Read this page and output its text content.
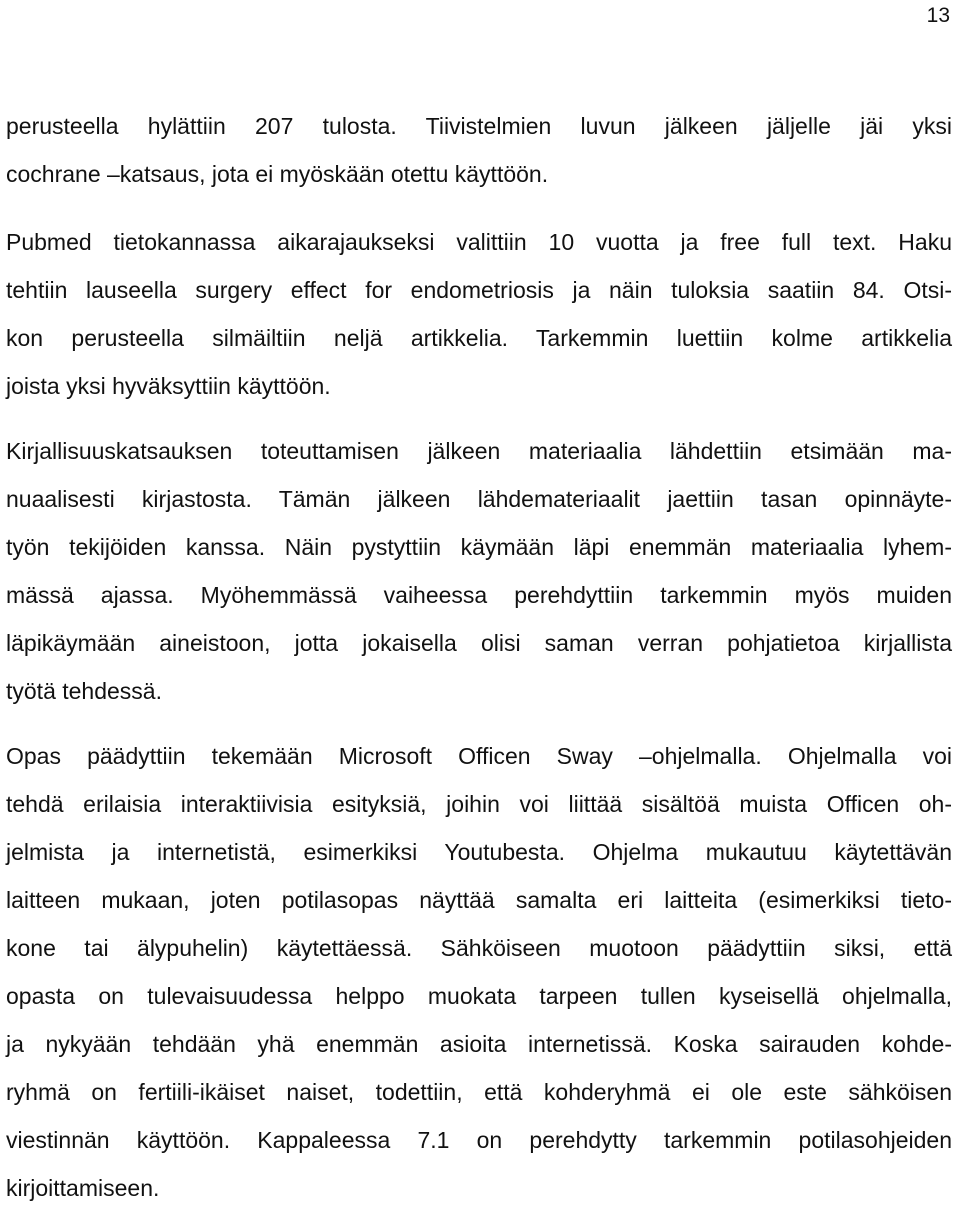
13

perusteella hylättiin 207 tulosta. Tiivistelmien luvun jälkeen jäljelle jäi yksi
cochrane –katsaus, jota ei myöskään otettu käyttöön.

Pubmed tietokannassa aikarajaukseksi valittiin 10 vuotta ja free full text. Haku
tehtiin lauseella surgery effect for endometriosis ja näin tuloksia saatiin 84. Otsi-
kon perusteella silmäiltiin neljä artikkelia. Tarkemmin luettiin kolme artikkelia
joista yksi hyväksyttiin käyttöön.

Kirjallisuuskatsauksen toteuttamisen jälkeen materiaalia lähdettiin etsimään ma-
nuaalisesti kirjastosta. Tämän jälkeen lähdemateriaalit jaettiin tasan opinnäyte-
työn tekijöiden kanssa. Näin pystyttiin käymään läpi enemmän materiaalia lyhem-
mässä ajassa. Myöhemmässä vaiheessa perehdyttiin tarkemmin myös muiden
läpikäymään aineistoon, jotta jokaisella olisi saman verran pohjatietoa kirjallista
työtä tehdessä.

Opas päädyttiin tekemään Microsoft Officen Sway –ohjelmalla. Ohjelmalla voi
tehdä erilaisia interaktiivisia esityksiä, joihin voi liittää sisältöä muista Officen oh-
jelmista ja internetistä, esimerkiksi Youtubesta. Ohjelma mukautuu käytettävän
laitteen mukaan, joten potilasopas näyttää samalta eri laitteita (esimerkiksi tieto-
kone tai älypuhelin) käytettäessä. Sähköiseen muotoon päädyttiin siksi, että
opasta on tulevaisuudessa helppo muokata tarpeen tullen kyseisellä ohjelmalla,
ja nykyään tehdään yhä enemmän asioita internetissä. Koska sairauden kohde-
ryhmä on fertiili-ikäiset naiset, todettiin, että kohderyhmä ei ole este sähköisen
viestinnän käyttöön. Kappaleessa 7.1 on perehdytty tarkemmin potilasohjeiden
kirjoittamiseen.
